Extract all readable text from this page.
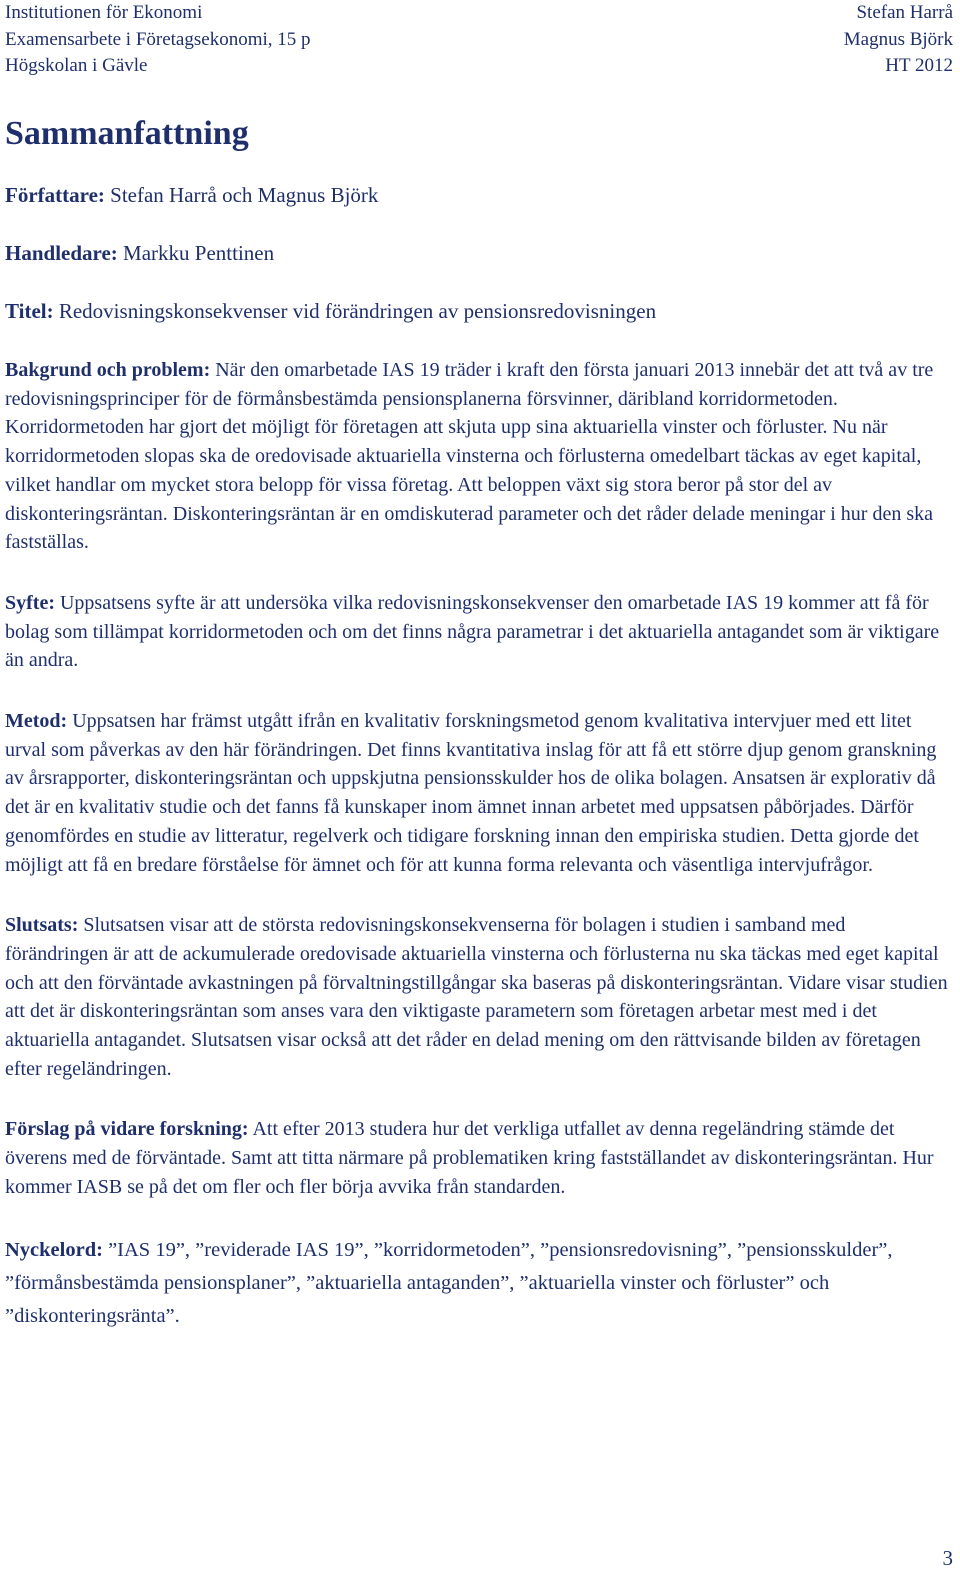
Institutionen för Ekonomi
Examensarbete i Företagsekonomi, 15 p
Högskolan i Gävle
Stefan Harrå
Magnus Björk
HT 2012
Sammanfattning

Författare: Stefan Harrå och Magnus Björk

Handledare: Markku Penttinen

Titel: Redovisningskonsekvenser vid förändringen av pensionsredovisningen

Bakgrund och problem: När den omarbetade IAS 19 träder i kraft den första januari 2013 innebär det att två av tre redovisningsprinciper för de förmånsbestämda pensionsplanerna försvinner, däribland korridormetoden. Korridormetoden har gjort det möjligt för företagen att skjuta upp sina aktuariella vinster och förluster. Nu när korridormetoden slopas ska de oredovisade aktuariella vinsterna och förlusterna omedelbart täckas av eget kapital, vilket handlar om mycket stora belopp för vissa företag. Att beloppen växt sig stora beror på stor del av diskonteringsräntan. Diskonteringsräntan är en omdiskuterad parameter och det råder delade meningar i hur den ska fastställas.

Syfte: Uppsatsens syfte är att undersöka vilka redovisningskonsekvenser den omarbetade IAS 19 kommer att få för bolag som tillämpat korridormetoden och om det finns några parametrar i det aktuariella antagandet som är viktigare än andra.

Metod: Uppsatsen har främst utgått ifrån en kvalitativ forskningsmetod genom kvalitativa intervjuer med ett litet urval som påverkas av den här förändringen. Det finns kvantitativa inslag för att få ett större djup genom granskning av årsrapporter, diskonteringsräntan och uppskjutna pensionsskulder hos de olika bolagen. Ansatsen är explorativ då det är en kvalitativ studie och det fanns få kunskaper inom ämnet innan arbetet med uppsatsen påbörjades. Därför genomfördes en studie av litteratur, regelverk och tidigare forskning innan den empiriska studien. Detta gjorde det möjligt att få en bredare förståelse för ämnet och för att kunna forma relevanta och väsentliga intervjufrågor.

Slutsats: Slutsatsen visar att de största redovisningskonsekvenserna för bolagen i studien i samband med förändringen är att de ackumulerade oredovisade aktuariella vinsterna och förlusterna nu ska täckas med eget kapital och att den förväntade avkastningen på förvaltningstillgångar ska baseras på diskonteringsräntan. Vidare visar studien att det är diskonteringsräntan som anses vara den viktigaste parametern som företagen arbetar mest med i det aktuariella antagandet. Slutsatsen visar också att det råder en delad mening om den rättvisande bilden av företagen efter regeländringen.

Förslag på vidare forskning: Att efter 2013 studera hur det verkliga utfallet av denna regeländring stämde det överens med de förväntade. Samt att titta närmare på problematiken kring fastställandet av diskonteringsräntan. Hur kommer IASB se på det om fler och fler börja avvika från standarden.

Nyckelord: ”IAS 19”, ”reviderade IAS 19”, ”korridormetoden”, ”pensionsredovisning”, ”pensionsskulder”, ”förmånsbestämda pensionsplaner”, ”aktuariella antaganden”, ”aktuariella vinster och förluster” och ”diskonteringsränta”.

3
